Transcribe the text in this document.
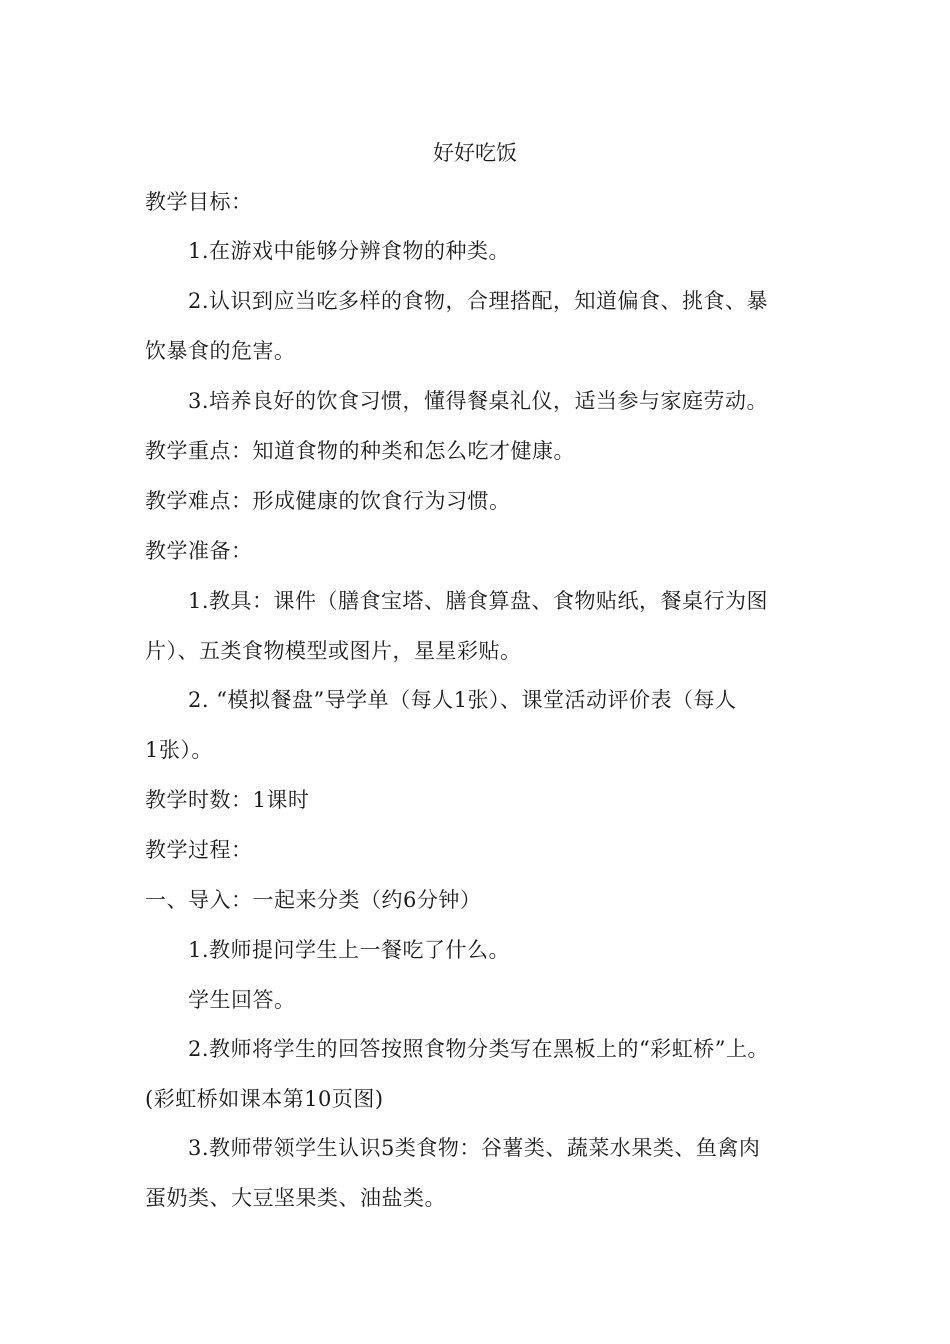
好好吃饭
教学目标：
1.在游戏中能够分辨食物的种类。
2.认识到应当吃多样的食物，合理搭配，知道偏食、挑食、暴
饮暴食的危害。
3.培养良好的饮食习惯，懂得餐桌礼仪，适当参与家庭劳动。
教学重点：知道食物的种类和怎么吃才健康。
教学难点：形成健康的饮食行为习惯。
教学准备：
1.教具：课件（膳食宝塔、膳食算盘、食物贴纸，餐桌行为图
片）、五类食物模型或图片，星星彩贴。
2. “模拟餐盘”导学单（每人1张）、课堂活动评价表（每人
1张）。
教学时数：1课时
教学过程：
一、导入：一起来分类（约6分钟）
1.教师提问学生上一餐吃了什么。
学生回答。
2.教师将学生的回答按照食物分类写在黑板上的“彩虹桥”上。
(彩虹桥如课本第10页图)
3.教师带领学生认识5类食物：谷薯类、蔬菜水果类、鱼禽肉
蛋奶类、大豆坚果类、油盐类。
